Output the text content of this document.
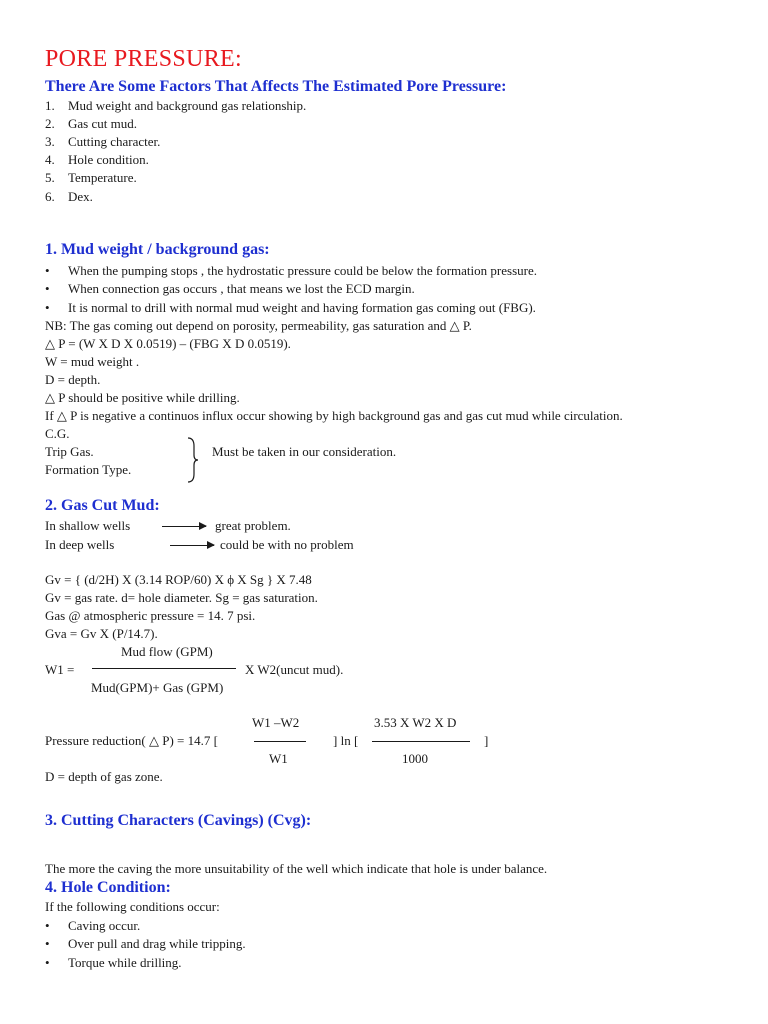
PORE PRESSURE:
There Are Some Factors That Affects The Estimated Pore Pressure:
1. Mud weight and background gas relationship.
2. Gas cut mud.
3. Cutting character.
4. Hole condition.
5. Temperature.
6. Dex.
1. Mud weight / background gas:
• When the pumping stops , the hydrostatic pressure could be below the formation pressure.
• When connection gas occurs , that means we lost the ECD margin.
• It is normal to drill with normal mud weight and having formation gas coming out (FBG).
NB: The gas coming out depend on porosity, permeability, gas saturation and △ P.
△ P = (W X D X 0.0519) – (FBG X D 0.0519).
W = mud weight .
D = depth.
△ P should be positive while drilling.
If △ P is negative a continuos influx occur showing by high background gas and gas cut mud while circulation.
C.G.
Trip Gas.
Formation Type.
Must be taken in our consideration.
2. Gas Cut Mud:
In shallow wells	great problem.
In deep wells	could be with no problem
Gv = { (d/2H) X (3.14 ROP/60) X ϕ X Sg } X 7.48
Gv = gas rate. d= hole diameter. Sg = gas saturation.
Gas @ atmospheric pressure = 14. 7 psi.
Gva = Gv X (P/14.7).
Mud flow (GPM)
W1 =	X W2(uncut mud).
Mud(GPM)+ Gas (GPM)
W1 –W2	3.53 X W2 X D
Pressure reduction( △ P) = 14.7 [	] ln [	]
W1	1000
D = depth of gas zone.
3. Cutting Characters (Cavings) (Cvg):
The more the caving the more unsuitability of the well which indicate that hole is under balance.
4. Hole Condition:
If the following conditions occur:
• Caving occur.
• Over pull and drag while tripping.
• Torque while drilling.
